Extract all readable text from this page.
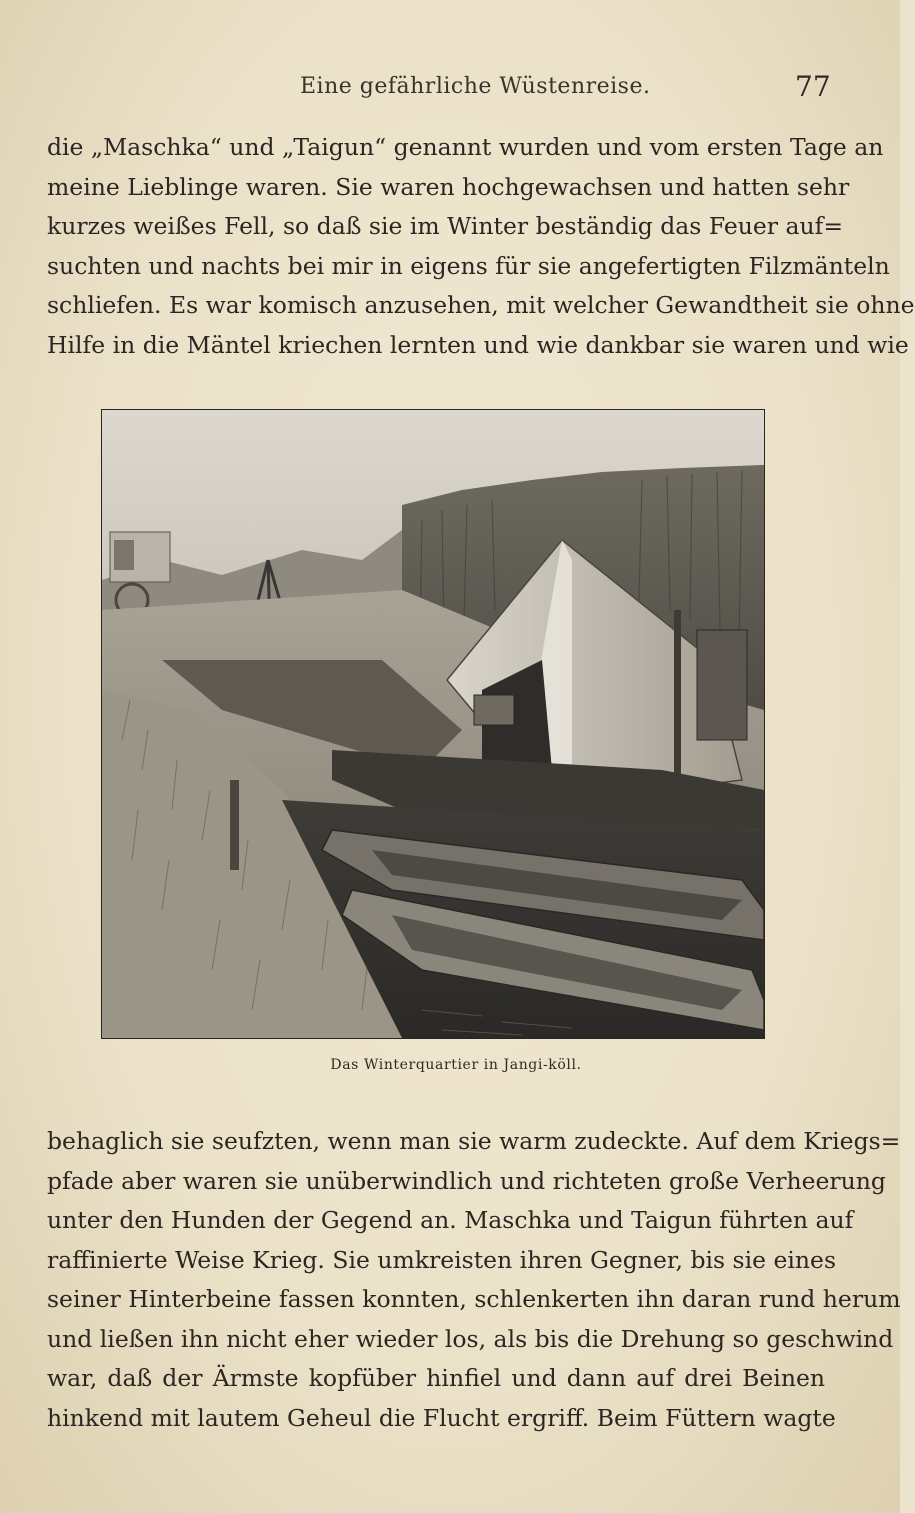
Eine gefährliche Wüstenreise.	77
die „Maschka“ und „Taigun“ genannt wurden und vom ersten Tage an
meine Lieblinge waren. Sie waren hochgewachsen und hatten sehr
kurzes weißes Fell, so daß sie im Winter beständig das Feuer auf=
suchten und nachts bei mir in eigens für sie angefertigten Filzmänteln
schliefen. Es war komisch anzusehen, mit welcher Gewandtheit sie ohne
Hilfe in die Mäntel kriechen lernten und wie dankbar sie waren und wie
Das Winterquartier in Jangi-köll.
behaglich sie seufzten, wenn man sie warm zudeckte. Auf dem Kriegs=
pfade aber waren sie unüberwindlich und richteten große Verheerung
unter den Hunden der Gegend an. Maschka und Taigun führten auf
raffinierte Weise Krieg. Sie umkreisten ihren Gegner, bis sie eines
seiner Hinterbeine fassen konnten, schlenkerten ihn daran rund herum
und ließen ihn nicht eher wieder los, als bis die Drehung so geschwind
war, daß der Ärmste kopfüber hinfiel und dann auf drei Beinen
hinkend mit lautem Geheul die Flucht ergriff. Beim Füttern wagte
